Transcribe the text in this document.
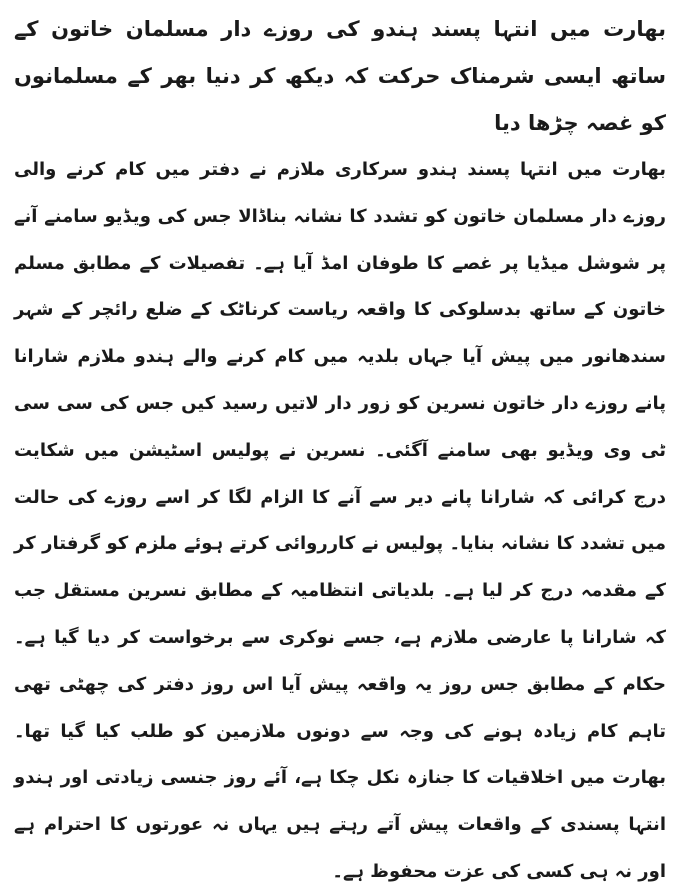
بھارت میں انتہا پسند ہندو کی روزے دار مسلمان خاتون کے ساتھ ایسی شرمناک حرکت کہ دیکھ کر دنیا بھر کے مسلمانوں کو غصہ چڑھا دیا

بھارت میں انتہا پسند ہندو سرکاری ملازم نے دفتر میں کام کرنے والی روزے دار مسلمان خاتون کو تشدد کا نشانہ بناڈالا جس کی ویڈیو سامنے آنے پر شوشل میڈیا پر غصے کا طوفان امڈ آیا ہے۔ تفصیلات کے مطابق مسلم خاتون کے ساتھ بدسلوکی کا واقعہ ریاست کرناٹک کے ضلع رائچر کے شہر سندھانور میں پیش آیا جہاں بلدیہ میں کام کرنے والے ہندو ملازم شارانا پانے روزے دار خاتون نسرین کو زور دار لاتیں رسید کیں جس کی سی سی ٹی وی ویڈیو بھی سامنے آگئی۔ نسرین نے پولیس اسٹیشن میں شکایت درج کرائی کہ شارانا پانے دیر سے آنے کا الزام لگا کر اسے روزے کی حالت میں تشدد کا نشانہ بنایا۔ پولیس نے کارروائی کرتے ہوئے ملزم کو گرفتار کر کے مقدمہ درج کر لیا ہے۔ بلدیاتی انتظامیہ کے مطابق نسرین مستقل جب کہ شارانا پا عارضی ملازم ہے، جسے نوکری سے برخواست کر دیا گیا ہے۔ حکام کے مطابق جس روز یہ واقعہ پیش آیا اس روز دفتر کی چھٹی تھی تاہم کام زیادہ ہونے کی وجہ سے دونوں ملازمین کو طلب کیا گیا تھا۔ بھارت میں اخلاقیات کا جنازہ نکل چکا ہے، آئے روز جنسی زیادتی اور ہندو انتہا پسندی کے واقعات پیش آتے رہتے ہیں یہاں نہ عورتوں کا احترام ہے اور نہ ہی کسی کی عزت محفوظ ہے۔
